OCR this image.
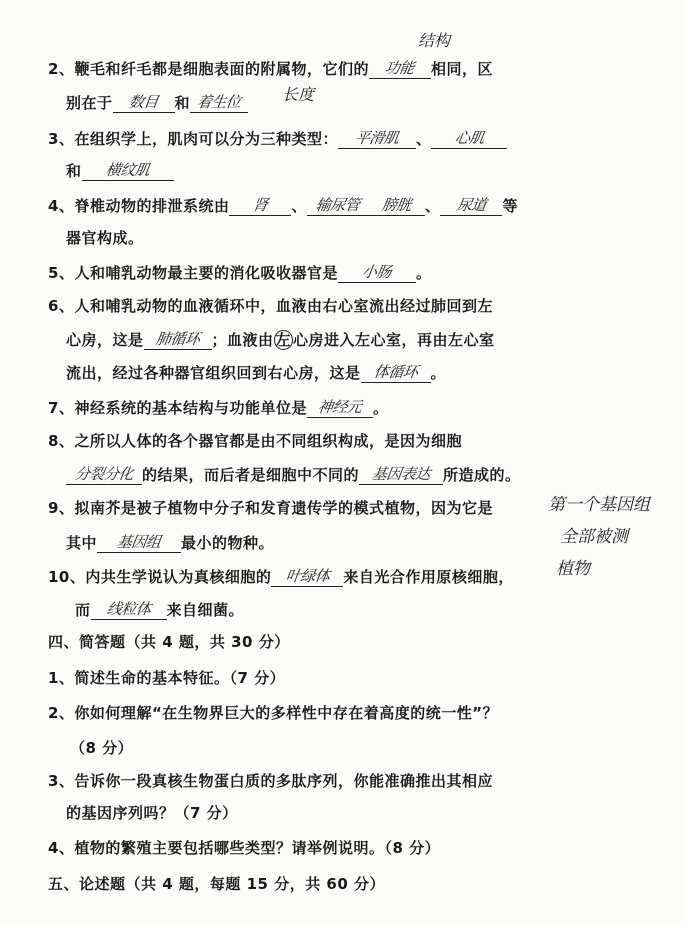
结构
2、鞭毛和纤毛都是细胞表面的附属物，它们的 功能 相同，区
别在于 数目 和 着生位	长度
3、在组织学上，肌肉可以分为三种类型： 平滑肌 、 心肌
和 横纹肌
4、脊椎动物的排泄系统由 肾 、 输尿管 膀胱 、 尿道 等
器官构成。
5、人和哺乳动物最主要的消化吸收器官是 小肠 。
6、人和哺乳动物的血液循环中，血液由右心室流出经过肺回到左
心房，这是 肺循环 ；血液由 左 心房进入左心室，再由左心室
流出，经过各种器官组织回到右心房，这是 体循环 。
7、神经系统的基本结构与功能单位是 神经元 。
8、之所以人体的各个器官都是由不同组织构成，是因为细胞
分裂分化 的结果，而后者是细胞中不同的 基因表达 所造成的。
9、拟南芥是被子植物中分子和发育遗传学的模式植物，因为它是
其中 基因组 最小的物种。
第一个基因组
全部被测
植物
10、内共生学说认为真核细胞的 叶绿体 来自光合作用原核细胞，
而 线粒体 来自细菌。
四、简答题（共 4 题，共 30 分）
1、简述生命的基本特征。（7 分）
2、你如何理解“在生物界巨大的多样性中存在着高度的统一性”？
（8 分）
3、告诉你一段真核生物蛋白质的多肽序列，你能准确推出其相应
的基因序列吗？（7 分）
4、植物的繁殖主要包括哪些类型？请举例说明。（8 分）
五、论述题（共 4 题，每题 15 分，共 60 分）
